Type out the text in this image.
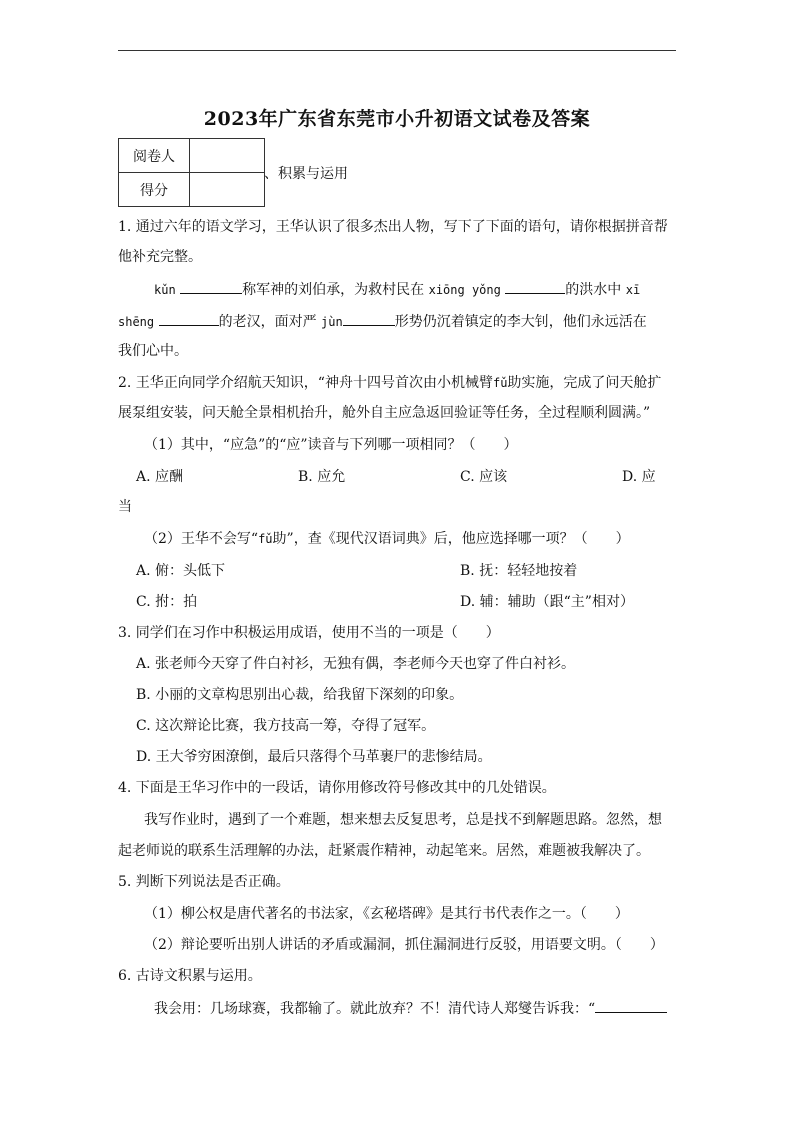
2023年广东省东莞市小升初语文试卷及答案
阅卷人	
得分	
、积累与运用
1. 通过六年的语文学习，王华认识了很多杰出人物，写下了下面的语句，请你根据拼音帮
他补充完整。
kǔn	称军神的刘伯承，为救村民在 xiōng yǒng	的洪水中 xī
shēng	的老汉，面对严 jùn	形势仍沉着镇定的李大钊，他们永远活在
我们心中。
2. 王华正向同学介绍航天知识，“神舟十四号首次由小机械臂fǔ助实施，完成了问天舱扩
展泵组安装，问天舱全景相机抬升，舱外自主应急返回验证等任务，全过程顺利圆满。”
（1）其中，“应急”的“应”读音与下列哪一项相同？（　　）
A. 应酬	B. 应允	C. 应该	D. 应
当
（2）王华不会写“fǔ助”，查《现代汉语词典》后，他应选择哪一项？（　　）
A. 俯：头低下	B. 抚：轻轻地按着
C. 拊：拍	D. 辅：辅助（跟“主”相对）
3. 同学们在习作中积极运用成语，使用不当的一项是（　　）
A. 张老师今天穿了件白衬衫，无独有偶，李老师今天也穿了件白衬衫。
B. 小丽的文章构思别出心裁，给我留下深刻的印象。
C. 这次辩论比赛，我方技高一筹，夺得了冠军。
D. 王大爷穷困潦倒，最后只落得个马革裹尸的悲惨结局。
4. 下面是王华习作中的一段话，请你用修改符号修改其中的几处错误。
我写作业时，遇到了一个难题，想来想去反复思考，总是找不到解题思路。忽然，想
起老师说的联系生活理解的办法，赶紧震作精神，动起笔来。居然，难题被我解决了。
5. 判断下列说法是否正确。
（1）柳公权是唐代著名的书法家，《玄秘塔碑》是其行书代表作之一。（　　）
（2）辩论要听出别人讲话的矛盾或漏洞，抓住漏洞进行反驳，用语要文明。（　　）
6. 古诗文积累与运用。
我会用：几场球赛，我都输了。就此放弃？不！清代诗人郑燮告诉我：“
